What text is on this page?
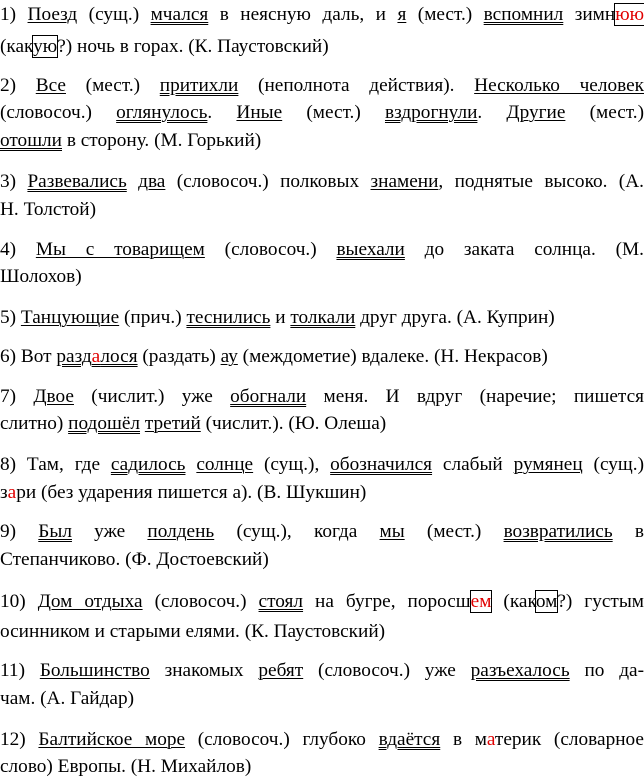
1) Поезд (сущ.) мчался в неясную даль, и я (мест.) вспомнил зимнюю
(какую?) ночь в горах. (К. Паустовский)
2) Все (мест.) притихли (неполнота действия). Несколько человек
(словосоч.) оглянулось. Иные (мест.) вздрогнули. Другие (мест.)
отошли в сторону. (М. Горький)
3) Развевались два (словосоч.) полковых знамени, поднятые высоко. (А.
Н. Толстой)
4) Мы с товарищем (словосоч.) выехали до заката солнца. (М.
Шолохов)
5) Танцующие (прич.) теснились и толкали друг друга. (А. Куприн)
6) Вот раздалося (раздать) ау (междометие) вдалеке. (Н. Некрасов)
7) Двое (числит.) уже обогнали меня. И вдруг (наречие; пишется
слитно) подошёл третий (числит.). (Ю. Олеша)
8) Там, где садилось солнце (сущ.), обозначился слабый румянец (сущ.)
зари (без ударения пишется а). (В. Шукшин)
9) Был уже полдень (сущ.), когда мы (мест.) возвратились в
Степанчиково. (Ф. Достоевский)
10) Дом отдыха (словосоч.) стоял на бугре, поросшем (каком?) густым
осинником и старыми елями. (К. Паустовский)
11) Большинство знакомых ребят (словосоч.) уже разъехалось по да-
чам. (А. Гайдар)
12) Балтийское море (словосоч.) глубоко вдаётся в материк (словарное
слово) Европы. (Н. Михайлов)
